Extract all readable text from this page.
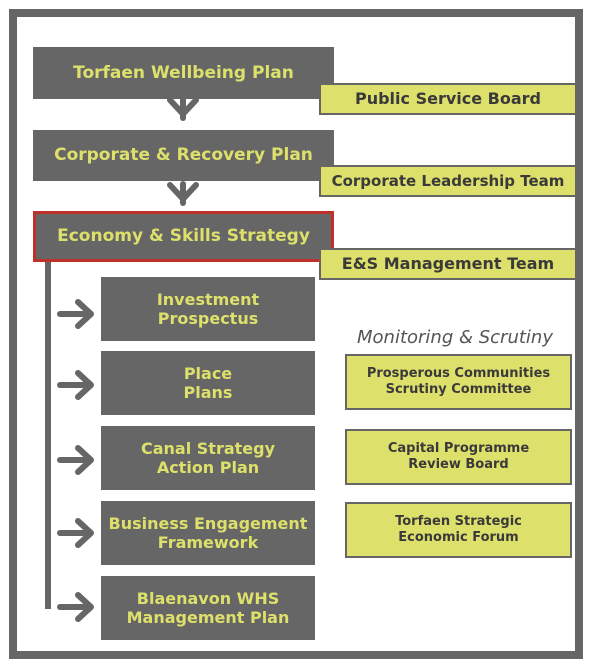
Torfaen Wellbeing Plan
Public Service Board
Corporate & Recovery Plan
Corporate Leadership Team
Economy & Skills Strategy
E&S Management Team
Investment
Prospectus
Place
Plans
Canal Strategy
Action Plan
Business Engagement
Framework
Blaenavon WHS
Management Plan
Monitoring & Scrutiny
Prosperous Communities
Scrutiny Committee
Capital Programme
Review Board
Torfaen Strategic
Economic Forum
